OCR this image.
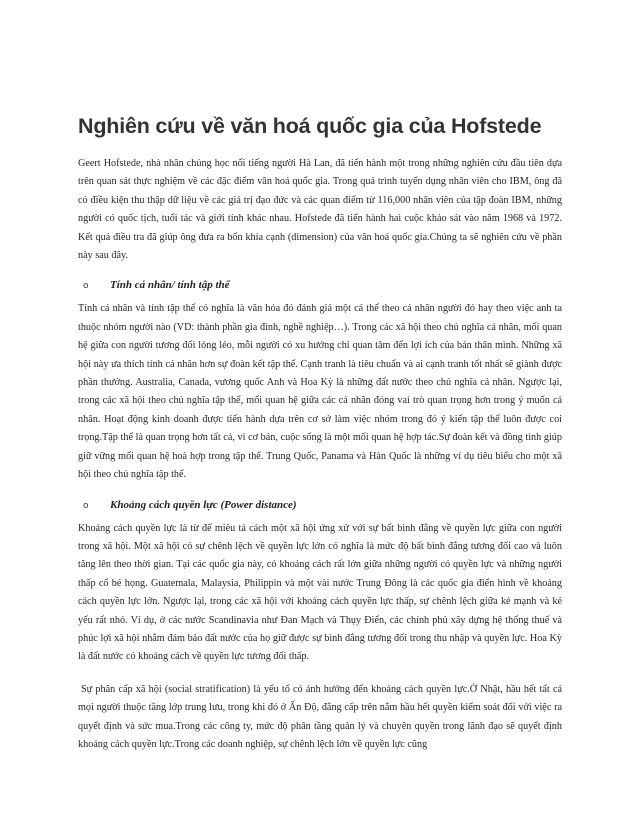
Nghiên cứu về văn hoá quốc gia của Hofstede

Geert Hofstede, nhà nhân chủng học nổi tiếng người Hà Lan, đã tiến hành một trong những nghiên cứu đầu tiên dựa trên quan sát thực nghiệm về các đặc điểm văn hoá quốc gia. Trong quá trình tuyển dụng nhân viên cho IBM, ông đã có điều kiện thu thập dữ liệu về các giá trị đạo đức và các quan điểm từ 116,000 nhân viên của tập đoàn IBM, những người có quốc tịch, tuổi tác và giới tính khác nhau. Hofstede đã tiến hành hai cuộc khảo sát vào năm 1968 và 1972. Kết quả điều tra đã giúp ông đưa ra bốn khía cạnh (dimension) của văn hoá quốc gia.Chúng ta sẽ nghiên cứu về phần này sau đây.

o	Tính cá nhân/ tính tập thể

Tính cá nhân và tính tập thể có nghĩa là văn hóa đó đánh giá một cá thể theo cá nhân người đó hay theo việc anh ta thuộc nhóm người nào (VD: thành phần gia đình, nghề nghiệp…). Trong các xã hội theo chủ nghĩa cá nhân, mối quan hệ giữa con người tương đối lỏng lẻo, mỗi người có xu hướng chỉ quan tâm đến lợi ích của bản thân mình. Những xã hội này ưa thích tính cá nhân hơn sự đoàn kết tập thể. Cạnh tranh là tiêu chuẩn và ai cạnh tranh tốt nhất sẽ giành được phần thưởng. Australia, Canada, vương quốc Anh và Hoa Kỳ là những đất nước theo chủ nghĩa cá nhân. Ngược lại, trong các xã hội theo chủ nghĩa tập thể, mối quan hệ giữa các cá nhân đóng vai trò quan trọng hơn trong ý muốn cá nhân. Hoạt động kinh doanh được tiến hành dựa trên cơ sở làm việc nhóm trong đó ý kiến tập thể luôn được coi trọng.Tập thể là quan trọng hơn tất cả, vì cơ bản, cuộc sống là một mối quan hệ hợp tác.Sự đoàn kết và đồng tình giúp giữ vững mối quan hệ hoà hợp trong tập thể. Trung Quốc, Panama và Hàn Quốc là những ví dụ tiêu biểu cho một xã hội theo chủ nghĩa tập thể.

o	Khoảng cách quyền lực (Power distance)

Khoảng cách quyền lực là từ để miêu tả cách một xã hội ứng xử với sự bất bình đẳng về quyền lực giữa con người trong xã hội. Một xã hội có sự chênh lệch về quyền lực lớn có nghĩa là mức độ bất bình đẳng tương đối cao và luôn tăng lên theo thời gian. Tại các quốc gia này, có khoảng cách rất lớn giữa những người có quyền lực và những người thấp cổ bé họng. Guatemala, Malaysia, Philippin và một vài nước Trung Đông là các quốc gia điển hình về khoảng cách quyền lực lớn. Ngược lại, trong các xã hội với khoảng cách quyền lực thấp, sự chênh lệch giữa kẻ mạnh và kẻ yếu rất nhỏ. Ví dụ, ở các nước Scandinavia như Đan Mạch và Thụy Điển, các chính phủ xây dựng hệ thống thuế và phúc lợi xã hội nhằm đảm bảo đất nước của họ giữ được sự bình đẳng tương đối trong thu nhập và quyền lực. Hoa Kỳ là đất nước có khoảng cách về quyền lực tương đối thấp.

Sự phân cấp xã hội (social stratification) là yếu tố có ảnh hưởng đến khoảng cách quyền lực.Ở Nhật, hầu hết tất cả mọi người thuộc tầng lớp trung lưu, trong khi đó ở Ấn Độ, đẳng cấp trên nắm hầu hết quyền kiểm soát đối với việc ra quyết định và sức mua.Trong các công ty, mức độ phân tầng quản lý và chuyên quyền trong lãnh đạo sẽ quyết định khoảng cách quyền lực.Trong các doanh nghiệp, sự chênh lệch lớn về quyền lực cũng
